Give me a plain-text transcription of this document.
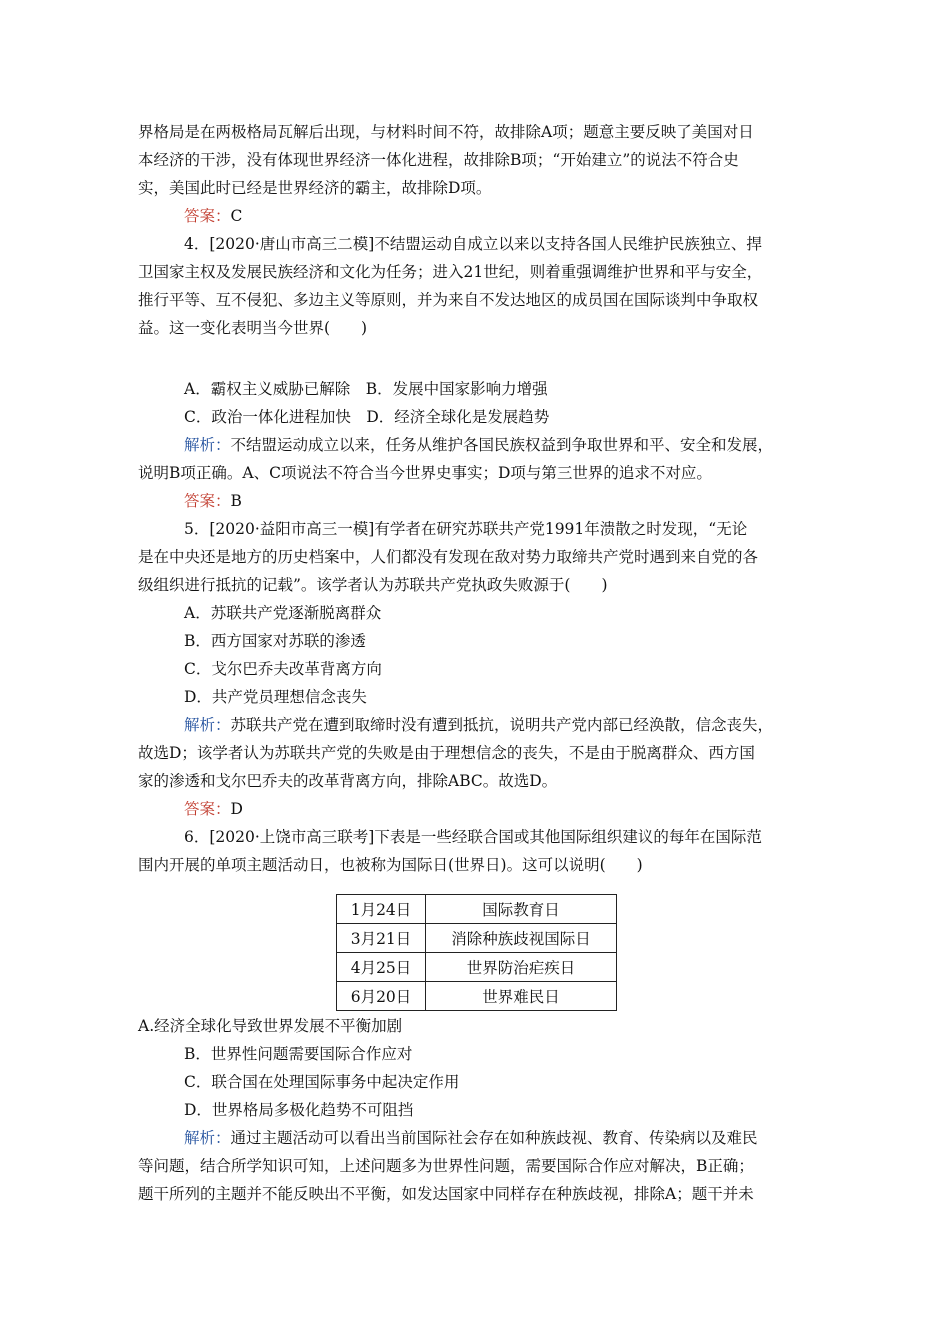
界格局是在两极格局瓦解后出现，与材料时间不符，故排除A项；题意主要反映了美国对日
本经济的干涉，没有体现世界经济一体化进程，故排除B项；“开始建立”的说法不符合史
实，美国此时已经是世界经济的霸主，故排除D项。
答案：C
4．[2020·唐山市高三二模]不结盟运动自成立以来以支持各国人民维护民族独立、捍
卫国家主权及发展民族经济和文化为任务；进入21世纪，则着重强调维护世界和平与安全，
推行平等、互不侵犯、多边主义等原则，并为来自不发达地区的成员国在国际谈判中争取权
益。这一变化表明当今世界(　　)
A．霸权主义威胁已解除　B．发展中国家影响力增强
C．政治一体化进程加快　D．经济全球化是发展趋势
解析：不结盟运动成立以来，任务从维护各国民族权益到争取世界和平、安全和发展，
说明B项正确。A、C项说法不符合当今世界史事实；D项与第三世界的追求不对应。
答案：B
5．[2020·益阳市高三一模]有学者在研究苏联共产党1991年溃散之时发现，“无论
是在中央还是地方的历史档案中，人们都没有发现在敌对势力取缔共产党时遇到来自党的各
级组织进行抵抗的记载”。该学者认为苏联共产党执政失败源于(　　)
A．苏联共产党逐渐脱离群众
B．西方国家对苏联的渗透
C．戈尔巴乔夫改革背离方向
D．共产党员理想信念丧失
解析：苏联共产党在遭到取缔时没有遭到抵抗，说明共产党内部已经涣散，信念丧失，
故选D；该学者认为苏联共产党的失败是由于理想信念的丧失，不是由于脱离群众、西方国
家的渗透和戈尔巴乔夫的改革背离方向，排除ABC。故选D。
答案：D
6．[2020·上饶市高三联考]下表是一些经联合国或其他国际组织建议的每年在国际范
围内开展的单项主题活动日，也被称为国际日(世界日)。这可以说明(　　)
1月24日	国际教育日
3月21日	消除种族歧视国际日
4月25日	世界防治疟疾日
6月20日	世界难民日
A.经济全球化导致世界发展不平衡加剧
B．世界性问题需要国际合作应对
C．联合国在处理国际事务中起决定作用
D．世界格局多极化趋势不可阻挡
解析：通过主题活动可以看出当前国际社会存在如种族歧视、教育、传染病以及难民
等问题，结合所学知识可知，上述问题多为世界性问题，需要国际合作应对解决，B正确；
题干所列的主题并不能反映出不平衡，如发达国家中同样存在种族歧视，排除A；题干并未
